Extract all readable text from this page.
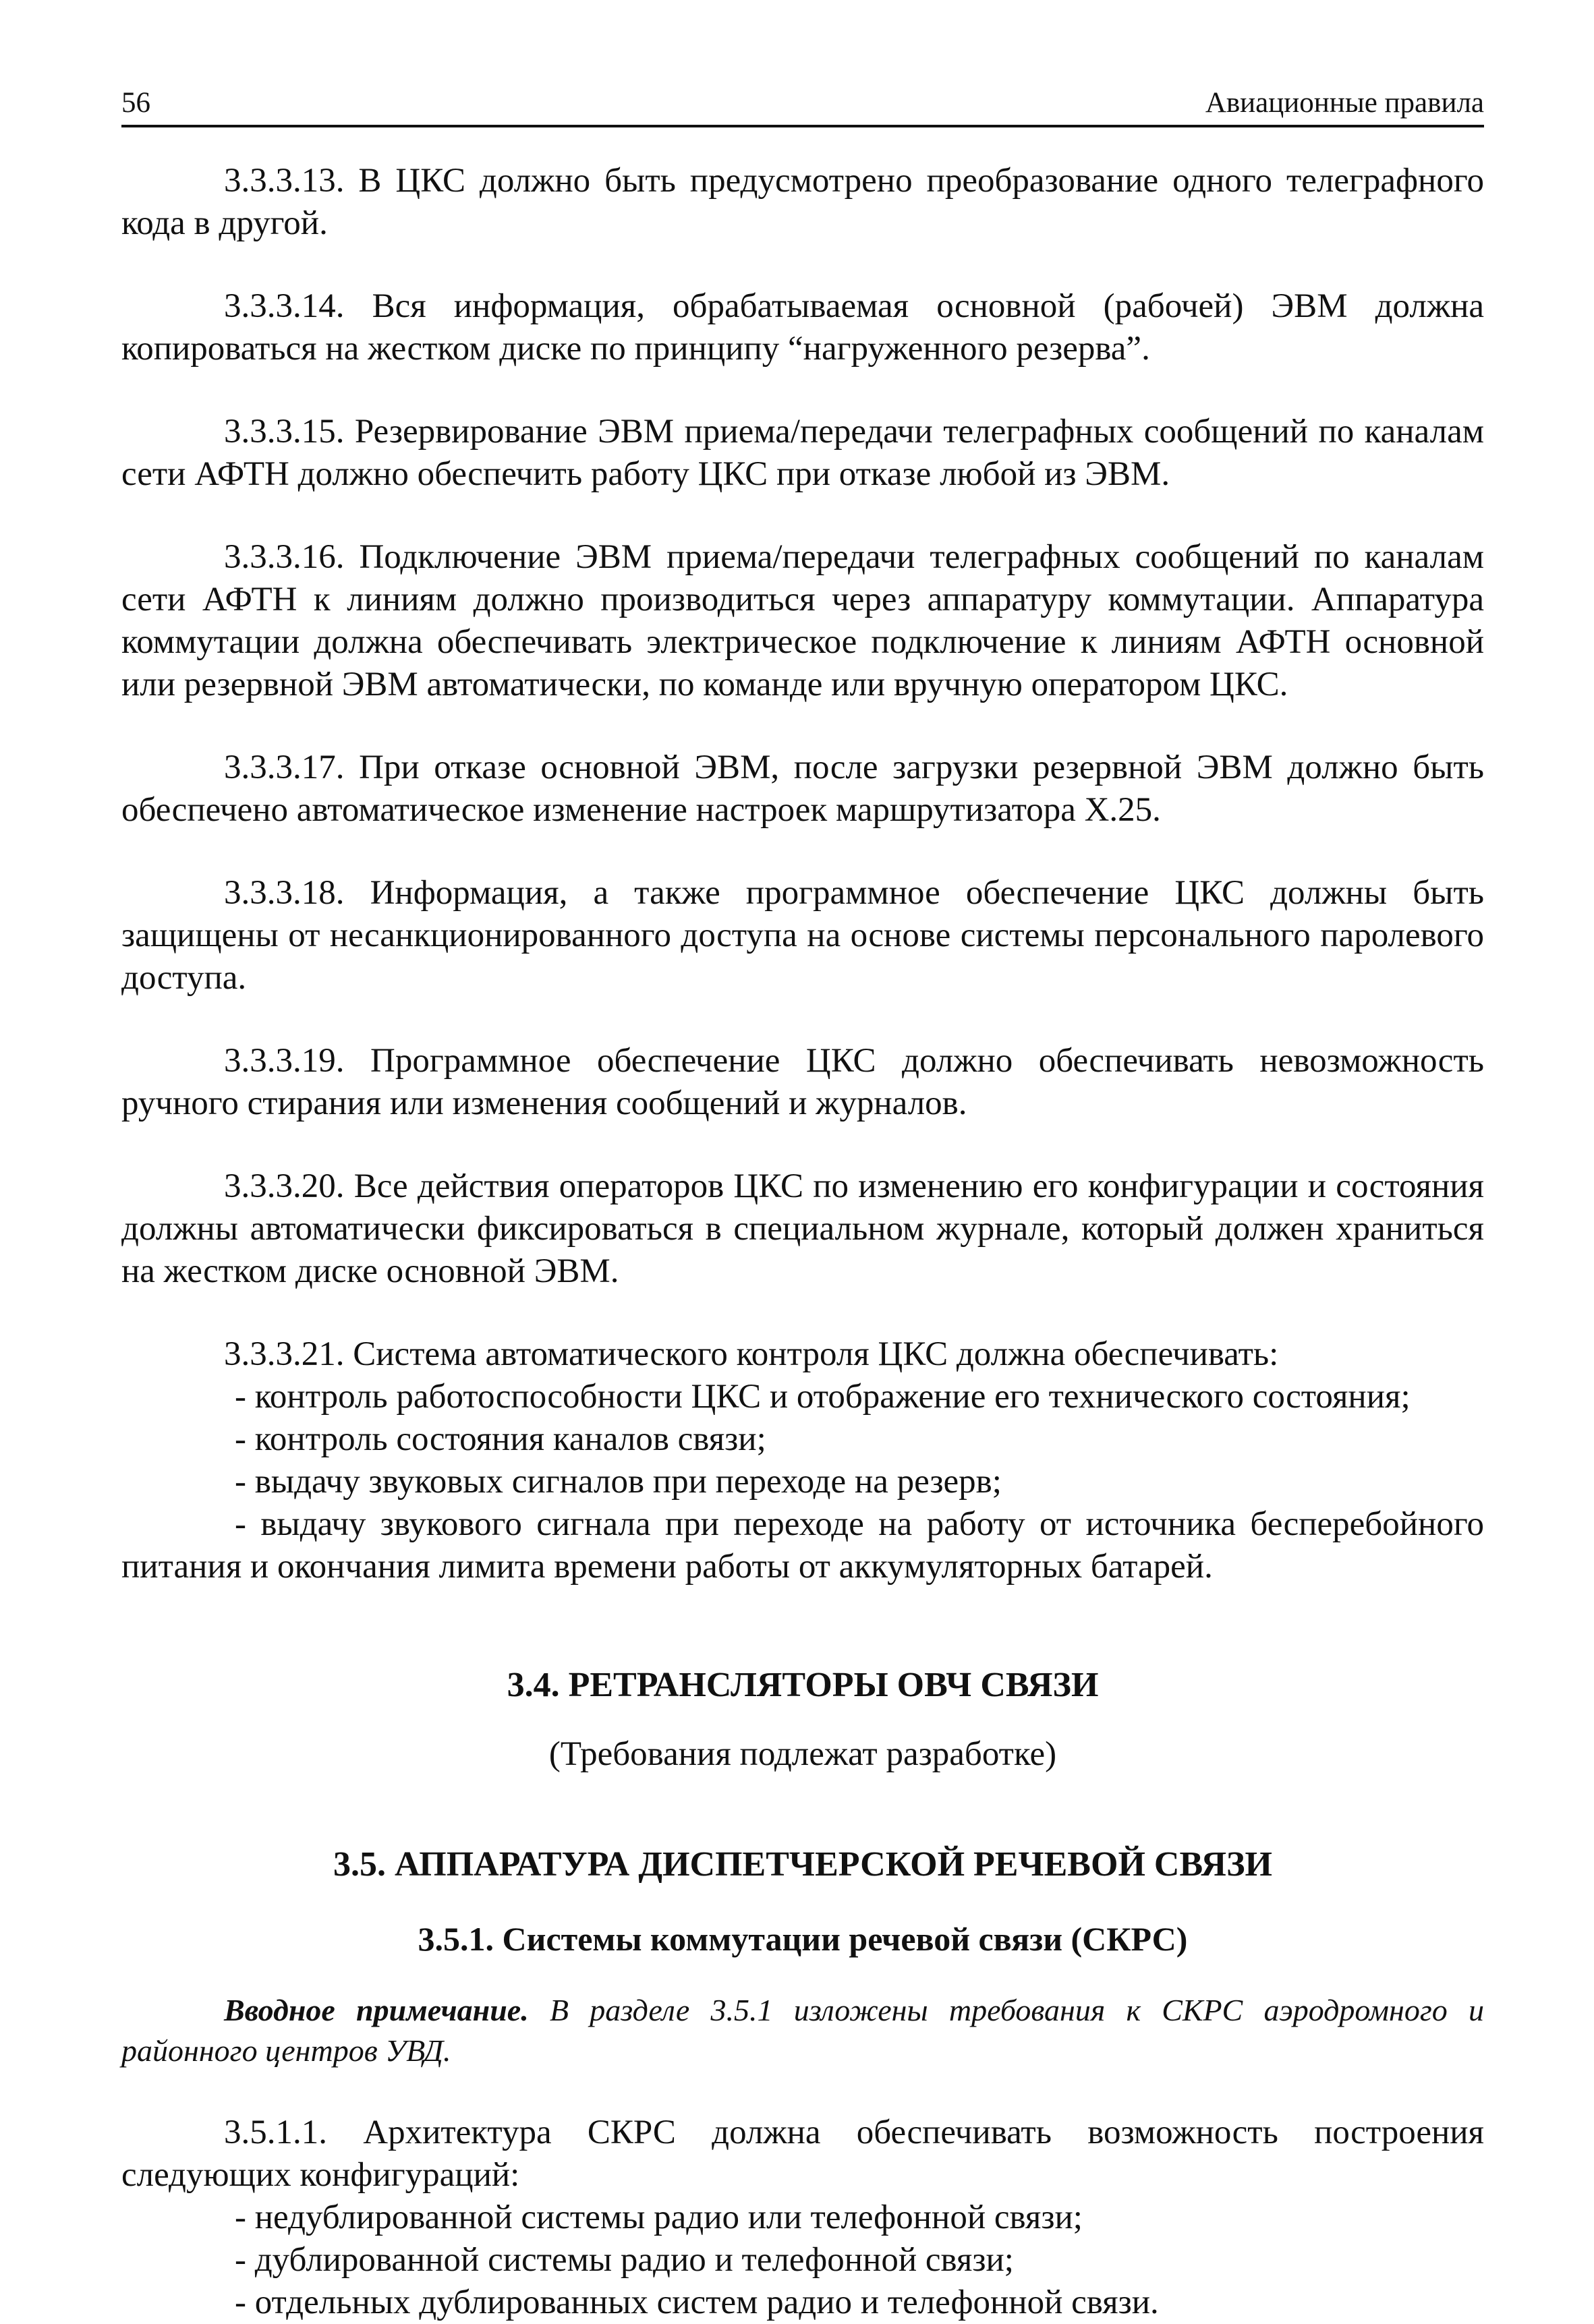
56	Авиационные правила

3.3.3.13. В ЦКС должно быть предусмотрено преобразование одного телеграфного кода в другой.

3.3.3.14. Вся информация, обрабатываемая основной (рабочей) ЭВМ должна копироваться на жестком диске по принципу “нагруженного резерва”.

3.3.3.15. Резервирование ЭВМ приема/передачи телеграфных сообщений по каналам сети АФТН должно обеспечить работу ЦКС при отказе любой из ЭВМ.

3.3.3.16. Подключение ЭВМ приема/передачи телеграфных сообщений по каналам сети АФТН к линиям должно производиться через аппаратуру коммутации. Аппаратура коммутации должна обеспечивать электрическое подключение к линиям АФТН основной или резервной ЭВМ автоматически, по команде или вручную оператором ЦКС.

3.3.3.17. При отказе основной ЭВМ, после загрузки резервной ЭВМ должно быть обеспечено автоматическое изменение настроек маршрутизатора Х.25.

3.3.3.18. Информация, а также программное обеспечение ЦКС должны быть защищены от несанкционированного доступа на основе системы персонального паролевого доступа.

3.3.3.19. Программное обеспечение ЦКС должно обеспечивать невозможность ручного стирания или изменения сообщений и журналов.

3.3.3.20. Все действия операторов ЦКС по изменению его конфигурации и состояния должны автоматически фиксироваться в специальном журнале, который должен храниться на жестком диске основной ЭВМ.

3.3.3.21. Система автоматического контроля ЦКС должна обеспечивать:

- контроль работоспособности ЦКС и отображение его технического состояния;

- контроль состояния каналов связи;

- выдачу звуковых сигналов при переходе на резерв;

- выдачу звукового сигнала при переходе на работу от источника бесперебойного питания и окончания лимита времени работы от аккумуляторных батарей.

3.4. РЕТРАНСЛЯТОРЫ ОВЧ СВЯЗИ

(Требования подлежат разработке)

3.5. АППАРАТУРА ДИСПЕТЧЕРСКОЙ РЕЧЕВОЙ СВЯЗИ

3.5.1. Системы коммутации речевой связи (СКРС)

Вводное примечание. В разделе 3.5.1 изложены требования к СКРС аэродромного и районного центров УВД.

3.5.1.1. Архитектура СКРС должна обеспечивать возможность построения следующих конфигураций:

- недублированной системы радио или телефонной связи;

- дублированной системы радио и телефонной связи;

- отдельных дублированных систем радио и телефонной связи.
